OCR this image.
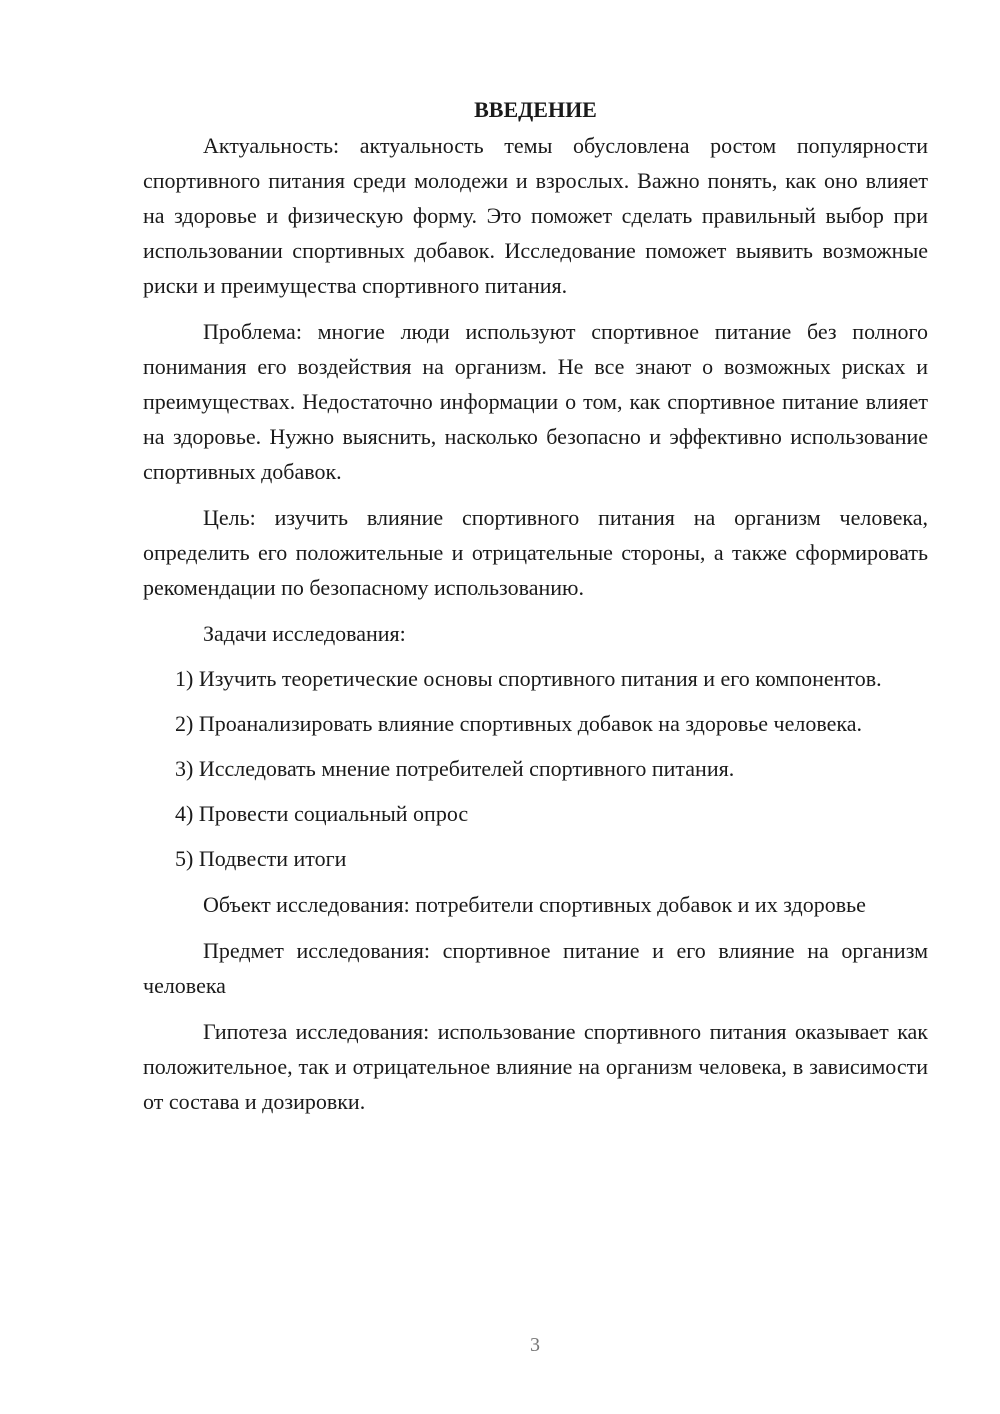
ВВЕДЕНИЕ

Актуальность: актуальность темы обусловлена ростом популярности спортивного питания среди молодежи и взрослых. Важно понять, как оно влияет на здоровье и физическую форму. Это поможет сделать правильный выбор при использовании спортивных добавок. Исследование поможет выявить возможные риски и преимущества спортивного питания.

Проблема: многие люди используют спортивное питание без полного понимания его воздействия на организм. Не все знают о возможных рисках и преимуществах. Недостаточно информации о том, как спортивное питание влияет на здоровье. Нужно выяснить, насколько безопасно и эффективно использование спортивных добавок.

Цель: изучить влияние спортивного питания на организм человека, определить его положительные и отрицательные стороны, а также сформировать рекомендации по безопасному использованию.

Задачи исследования:

1) Изучить теоретические основы спортивного питания и его компонентов.

2) Проанализировать влияние спортивных добавок на здоровье человека.

3) Исследовать мнение потребителей спортивного питания.

4) Провести социальный опрос

5) Подвести итоги

Объект исследования: потребители спортивных добавок и их здоровье

Предмет исследования: спортивное питание и его влияние на организм человека

Гипотеза исследования: использование спортивного питания оказывает как положительное, так и отрицательное влияние на организм человека, в зависимости от состава и дозировки.

3
